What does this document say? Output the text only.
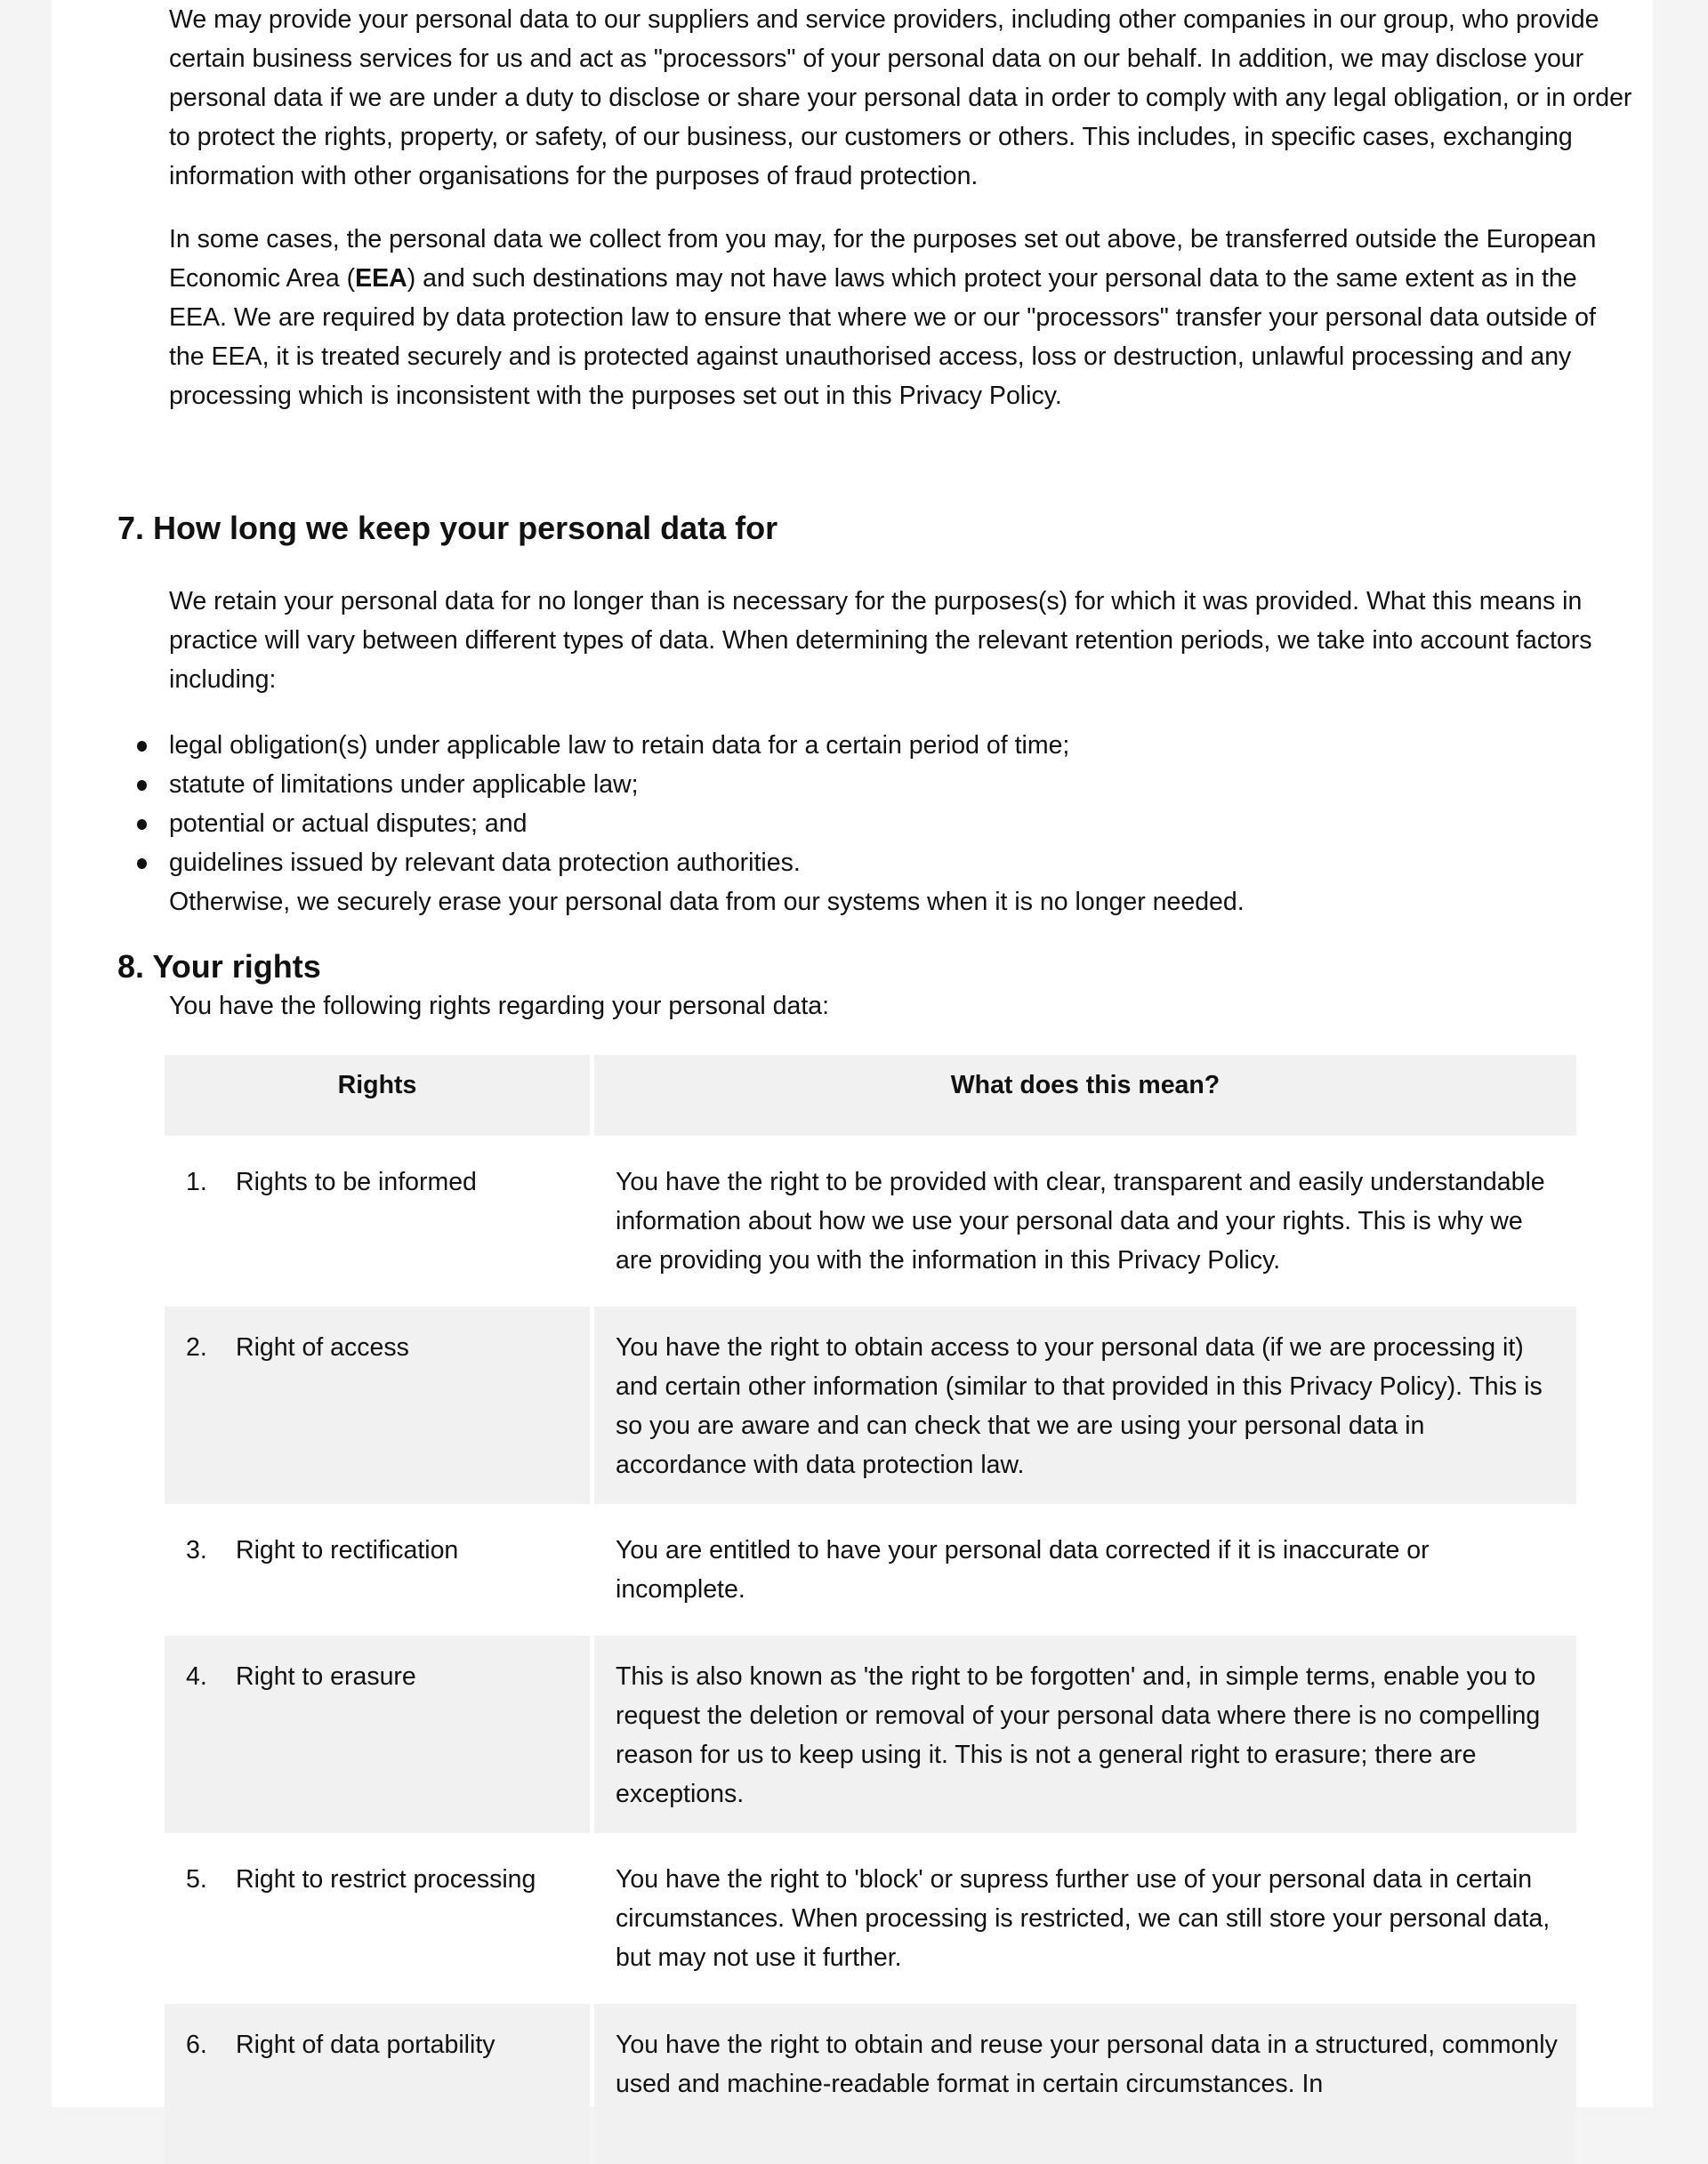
We may provide your personal data to our suppliers and service providers, including other companies in our group, who provide certain business services for us and act as "processors" of your personal data on our behalf. In addition, we may disclose your personal data if we are under a duty to disclose or share your personal data in order to comply with any legal obligation, or in order to protect the rights, property, or safety, of our business, our customers or others. This includes, in specific cases, exchanging information with other organisations for the purposes of fraud protection.

In some cases, the personal data we collect from you may, for the purposes set out above, be transferred outside the European Economic Area (EEA) and such destinations may not have laws which protect your personal data to the same extent as in the EEA. We are required by data protection law to ensure that where we or our "processors" transfer your personal data outside of the EEA, it is treated securely and is protected against unauthorised access, loss or destruction, unlawful processing and any processing which is inconsistent with the purposes set out in this Privacy Policy.

7. How long we keep your personal data for

We retain your personal data for no longer than is necessary for the purposes(s) for which it was provided. What this means in practice will vary between different types of data. When determining the relevant retention periods, we take into account factors including:

legal obligation(s) under applicable law to retain data for a certain period of time;
statute of limitations under applicable law;
potential or actual disputes; and
guidelines issued by relevant data protection authorities.

Otherwise, we securely erase your personal data from our systems when it is no longer needed.

8. Your rights

You have the following rights regarding your personal data:

Rights	What does this mean?

1. Rights to be informed	You have the right to be provided with clear, transparent and easily understandable information about how we use your personal data and your rights. This is why we are providing you with the information in this Privacy Policy.

2. Right of access	You have the right to obtain access to your personal data (if we are processing it) and certain other information (similar to that provided in this Privacy Policy). This is so you are aware and can check that we are using your personal data in accordance with data protection law.

3. Right to rectification	You are entitled to have your personal data corrected if it is inaccurate or incomplete.

4. Right to erasure	This is also known as 'the right to be forgotten' and, in simple terms, enable you to request the deletion or removal of your personal data where there is no compelling reason for us to keep using it. This is not a general right to erasure; there are exceptions.

5. Right to restrict processing	You have the right to 'block' or supress further use of your personal data in certain circumstances. When processing is restricted, we can still store your personal data, but may not use it further.

6. Right of data portability	You have the right to obtain and reuse your personal data in a structured, commonly used and machine-readable format in certain circumstances. In
